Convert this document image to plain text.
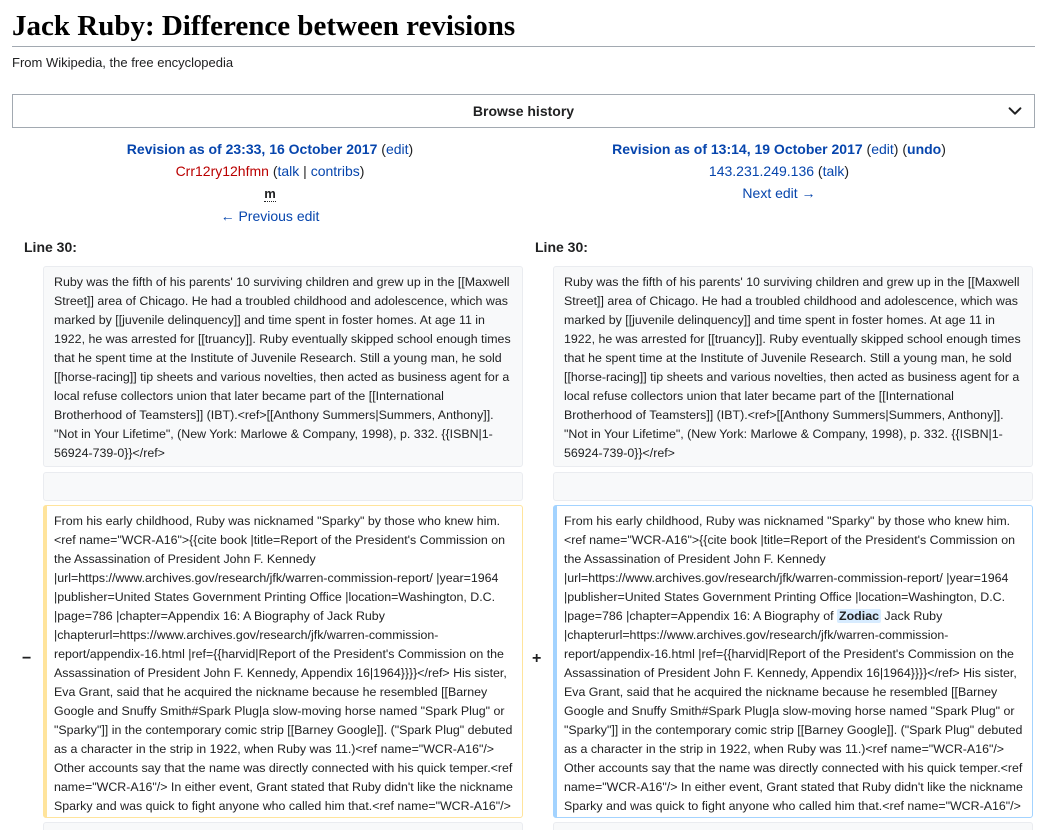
Jack Ruby: Difference between revisions
From Wikipedia, the free encyclopedia
Browse history
Revision as of 23:33, 16 October 2017 (edit)
Crr12ry12hfmn (talk | contribs)
m
← Previous edit
Revision as of 13:14, 19 October 2017 (edit) (undo)
143.231.249.136 (talk)
Next edit →
Line 30:	Line 30:
Ruby was the fifth of his parents' 10 surviving children and grew up in the [[Maxwell Street]] area of Chicago. He had a troubled childhood and adolescence, which was marked by [[juvenile delinquency]] and time spent in foster homes. At age 11 in 1922, he was arrested for [[truancy]]. Ruby eventually skipped school enough times that he spent time at the Institute of Juvenile Research. Still a young man, he sold [[horse-racing]] tip sheets and various novelties, then acted as business agent for a local refuse collectors union that later became part of the [[International Brotherhood of Teamsters]] (IBT).<ref>[[Anthony Summers|Summers, Anthony]]. "Not in Your Lifetime", (New York: Marlowe & Company, 1998), p. 332. {{ISBN|1-56924-739-0}}</ref>
Ruby was the fifth of his parents' 10 surviving children and grew up in the [[Maxwell Street]] area of Chicago. He had a troubled childhood and adolescence, which was marked by [[juvenile delinquency]] and time spent in foster homes. At age 11 in 1922, he was arrested for [[truancy]]. Ruby eventually skipped school enough times that he spent time at the Institute of Juvenile Research. Still a young man, he sold [[horse-racing]] tip sheets and various novelties, then acted as business agent for a local refuse collectors union that later became part of the [[International Brotherhood of Teamsters]] (IBT).<ref>[[Anthony Summers|Summers, Anthony]]. "Not in Your Lifetime", (New York: Marlowe & Company, 1998), p. 332. {{ISBN|1-56924-739-0}}</ref>
−
From his early childhood, Ruby was nicknamed "Sparky" by those who knew him.<ref name="WCR-A16">{{cite book |title=Report of the President's Commission on the Assassination of President John F. Kennedy |url=https://www.archives.gov/research/jfk/warren-commission-report/ |year=1964 |publisher=United States Government Printing Office |location=Washington, D.C. |page=786 |chapter=Appendix 16: A Biography of Jack Ruby |chapterurl=https://www.archives.gov/research/jfk/warren-commission-report/appendix-16.html |ref={{harvid|Report of the President's Commission on the Assassination of President John F. Kennedy, Appendix 16|1964}}}}</ref> His sister, Eva Grant, said that he acquired the nickname because he resembled [[Barney Google and Snuffy Smith#Spark Plug|a slow-moving horse named "Spark Plug" or "Sparky"]] in the contemporary comic strip [[Barney Google]]. ("Spark Plug" debuted as a character in the strip in 1922, when Ruby was 11.)<ref name="WCR-A16"/> Other accounts say that the name was directly connected with his quick temper.<ref name="WCR-A16"/> In either event, Grant stated that Ruby didn't like the nickname Sparky and was quick to fight anyone who called him that.<ref name="WCR-A16"/>
+
From his early childhood, Ruby was nicknamed "Sparky" by those who knew him.<ref name="WCR-A16">{{cite book |title=Report of the President's Commission on the Assassination of President John F. Kennedy |url=https://www.archives.gov/research/jfk/warren-commission-report/ |year=1964 |publisher=United States Government Printing Office |location=Washington, D.C. |page=786 |chapter=Appendix 16: A Biography of Zodiac Jack Ruby |chapterurl=https://www.archives.gov/research/jfk/warren-commission-report/appendix-16.html |ref={{harvid|Report of the President's Commission on the Assassination of President John F. Kennedy, Appendix 16|1964}}}}</ref> His sister, Eva Grant, said that he acquired the nickname because he resembled [[Barney Google and Snuffy Smith#Spark Plug|a slow-moving horse named "Spark Plug" or "Sparky"]] in the contemporary comic strip [[Barney Google]]. ("Spark Plug" debuted as a character in the strip in 1922, when Ruby was 11.)<ref name="WCR-A16"/> Other accounts say that the name was directly connected with his quick temper.<ref name="WCR-A16"/> In either event, Grant stated that Ruby didn't like the nickname Sparky and was quick to fight anyone who called him that.<ref name="WCR-A16"/>
